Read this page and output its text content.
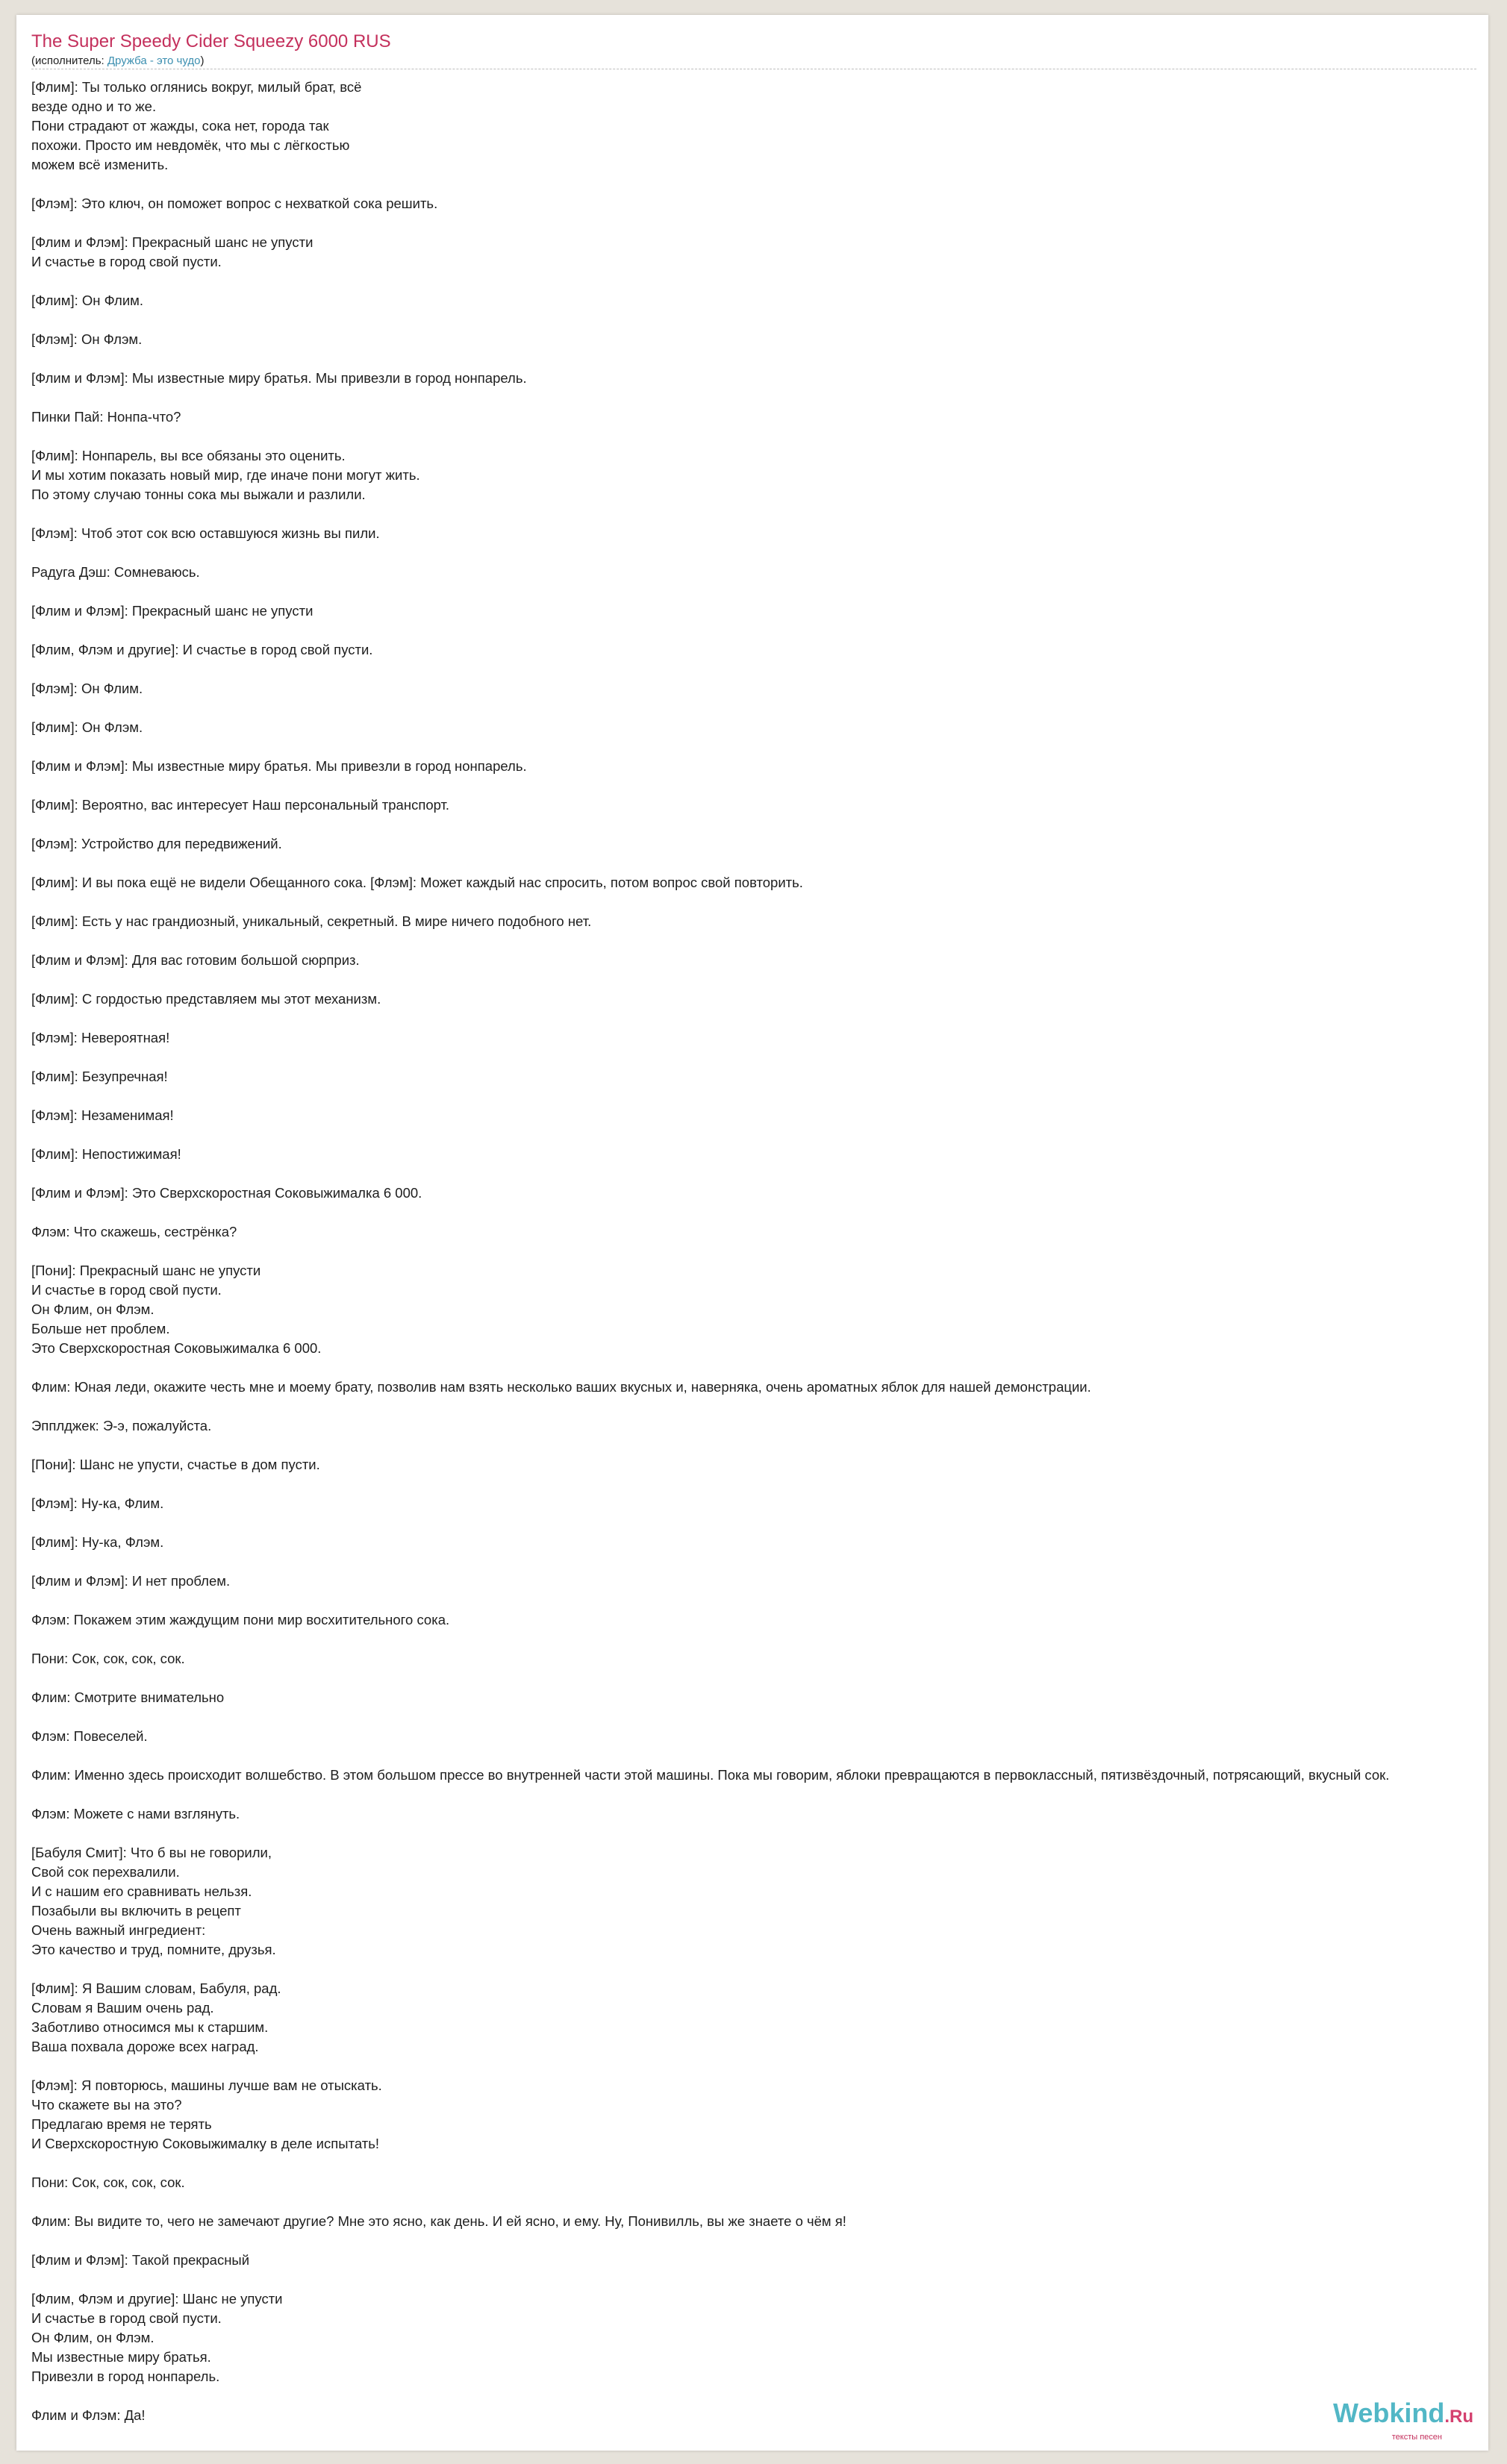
The Super Speedy Cider Squeezy 6000 RUS
(исполнитель: Дружба - это чудо)
[Флим]: Ты только оглянись вокруг, милый брат, всё
везде одно и то же.
Пони страдают от жажды, сока нет, города так
похожи. Просто им невдомёк, что мы с лёгкостью
можем всё изменить.
[Флэм]: Это ключ, он поможет вопрос с нехваткой сока решить.
[Флим и Флэм]: Прекрасный шанс не упусти
И счастье в город свой пусти.
[Флим]: Он Флим.
[Флэм]: Он Флэм.
[Флим и Флэм]: Мы известные миру братья. Мы привезли в город нонпарель.
Пинки Пай: Нонпа-что?
[Флим]: Нонпарель, вы все обязаны это оценить.
И мы хотим показать новый мир, где иначе пони могут жить.
По этому случаю тонны сока мы выжали и разлили.
[Флэм]: Чтоб этот сок всю оставшуюся жизнь вы пили.
Радуга Дэш: Сомневаюсь.
[Флим и Флэм]: Прекрасный шанс не упусти
[Флим, Флэм и другие]: И счастье в город свой пусти.
[Флэм]: Он Флим.
[Флим]: Он Флэм.
[Флим и Флэм]: Мы известные миру братья. Мы привезли в город нонпарель.
[Флим]: Вероятно, вас интересует Наш персональный транспорт.
[Флэм]: Устройство для передвижений.
[Флим]: И вы пока ещё не видели Обещанного сока. [Флэм]: Может каждый нас спросить, потом вопрос свой повторить.
[Флим]: Есть у нас грандиозный, уникальный, секретный. В мире ничего подобного нет.
[Флим и Флэм]: Для вас готовим большой сюрприз.
[Флим]: С гордостью представляем мы этот механизм.
[Флэм]: Невероятная!
[Флим]: Безупречная!
[Флэм]: Незаменимая!
[Флим]: Непостижимая!
[Флим и Флэм]: Это Сверхскоростная Соковыжималка 6 000.
Флэм: Что скажешь, сестрёнка?
[Пони]: Прекрасный шанс не упусти
И счастье в город свой пусти.
Он Флим, он Флэм.
Больше нет проблем.
Это Сверхскоростная Соковыжималка 6 000.
Флим: Юная леди, окажите честь мне и моему брату, позволив нам взять несколько ваших вкусных и, наверняка, очень ароматных яблок для нашей демонстрации.
Эпплджек: Э-э, пожалуйста.
[Пони]: Шанс не упусти, счастье в дом пусти.
[Флэм]: Ну-ка, Флим.
[Флим]: Ну-ка, Флэм.
[Флим и Флэм]: И нет проблем.
Флэм: Покажем этим жаждущим пони мир восхитительного сока.
Пони: Сок, сок, сок, сок.
Флим: Смотрите внимательно
Флэм: Повеселей.
Флим: Именно здесь происходит волшебство. В этом большом прессе во внутренней части этой машины. Пока мы говорим, яблоки превращаются в первоклассный, пятизвёздочный, потрясающий, вкусный сок.
Флэм: Можете с нами взглянуть.
[Бабуля Смит]: Что б вы не говорили,
Свой сок перехвалили.
И с нашим его сравнивать нельзя.
Позабыли вы включить в рецепт
Очень важный ингредиент:
Это качество и труд, помните, друзья.
[Флим]: Я Вашим словам, Бабуля, рад.
Словам я Вашим очень рад.
Заботливо относимся мы к старшим.
Ваша похвала дороже всех наград.
[Флэм]: Я повторюсь, машины лучше вам не отыскать.
Что скажете вы на это?
Предлагаю время не терять
И Сверхскоростную Соковыжималку в деле испытать!
Пони: Сок, сок, сок, сок.
Флим: Вы видите то, чего не замечают другие? Мне это ясно, как день. И ей ясно, и ему. Ну, Понивилль, вы же знаете о чём я!
[Флим и Флэм]: Такой прекрасный
[Флим, Флэм и другие]: Шанс не упусти
И счастье в город свой пусти.
Он Флим, он Флэм.
Мы известные миру братья.
Привезли в город нонпарель.
Флим и Флэм: Да!	Webkind.Ru
тексты песен
